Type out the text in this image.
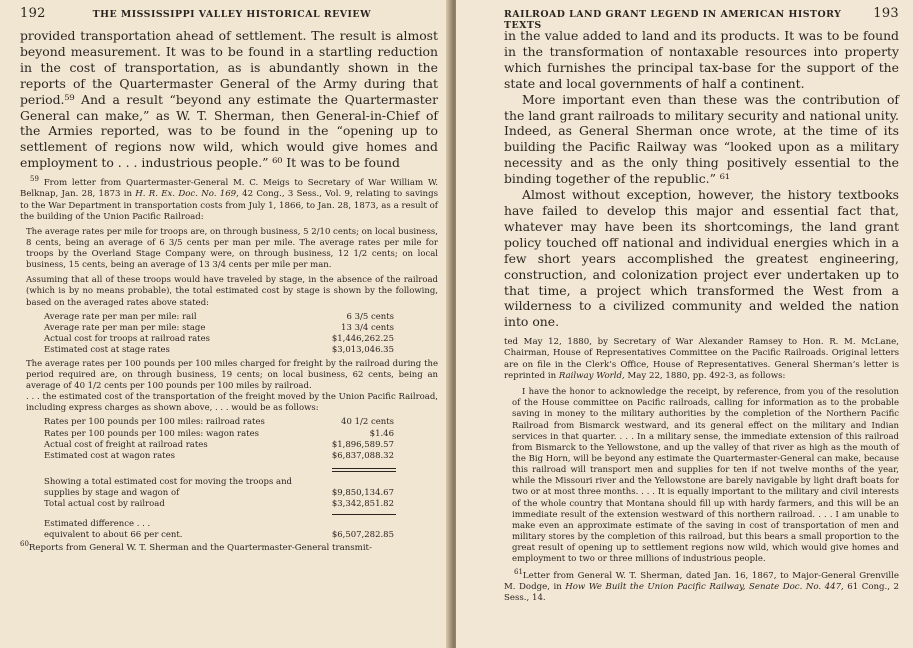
192	THE MISSISSIPPI VALLEY HISTORICAL REVIEW

provided transportation ahead of settlement. The result is almost beyond measurement. It was to be found in a startling reduction in the cost of transportation, as is abundantly shown in the reports of the Quartermaster General of the Army during that period.⁵⁹ And a result “beyond any estimate the Quartermaster General can make,” as W. T. Sherman, then General-in-Chief of the Armies reported, was to be found in the “opening up to settlement of regions now wild, which would give homes and employment to . . . industrious people.” ⁶⁰ It was to be found

$^{59}$ From letter from Quartermaster-General M. C. Meigs to Secretary of War William W. Belknap, Jan. 28, 1873 in H. R. Ex. Doc. No. 169, 42 Cong., 3 Sess., Vol. 9, relating to savings to the War Department in transportation costs from July 1, 1866, to Jan. 28, 1873, as a result of the building of the Union Pacific Railroad:

The average rates per mile for troops are, on through business, 5 2/10 cents; on local business, 8 cents, being an average of 6 3/5 cents per man per mile. The average rates per mile for troops by the Overland Stage Company were, on through business, 12 1/2 cents; on local business, 15 cents, being an average of 13 3/4 cents per mile per man.

Assuming that all of these troops would have traveled by stage, in the absence of the railroad (which is by no means probable), the total estimated cost by stage is shown by the following, based on the averaged rates above stated:

Average rate per man per mile: rail	6 3/5 cents
Average rate per man per mile: stage	13 3/4 cents
Actual cost for troops at railroad rates	$1,446,262.25
Estimated cost at stage rates	$3,013,046.35

The average rates per 100 pounds per 100 miles charged for freight by the railroad during the period required are, on through business, 19 cents; on local business, 62 cents, being an average of 40 1/2 cents per 100 pounds per 100 miles by railroad.

. . . the estimated cost of the transportation of the freight moved by the Union Pacific Railroad, including express charges as shown above, . . . would be as follows:

Rates per 100 pounds per 100 miles: railroad rates	40 1/2 cents
Rates per 100 pounds per 100 miles: wagon rates	$1.46
Actual cost of freight at railroad rates	$1,896,589.57
Estimated cost at wagon rates	$6,837,088.32
Showing a total estimated cost for moving the troops and	
supplies by stage and wagon of	$9,850,134.67
Total actual cost by railroad	$3,342,851.82
Estimated difference . . .	
equivalent to about 66 per cent.	$6,507,282.85

$^{60}$Reports from General W. T. Sherman and the Quartermaster-General transmit-

RAILROAD LAND GRANT LEGEND IN AMERICAN HISTORY TEXTS
193

in the value added to land and its products. It was to be found in the transformation of nontaxable resources into property which furnishes the principal tax-base for the support of the state and local governments of half a continent.

More important even than these was the contribution of the land grant railroads to military security and national unity. Indeed, as General Sherman once wrote, at the time of its building the Pacific Railway was “looked upon as a military necessity and as the only thing positively essential to the binding together of the republic.” ⁶¹

Almost without exception, however, the history textbooks have failed to develop this major and essential fact that, whatever may have been its shortcomings, the land grant policy touched off national and individual energies which in a few short years accomplished the greatest engineering, construction, and colonization project ever undertaken up to that time, a project which transformed the West from a wilderness to a civilized community and welded the nation into one.

ted May 12, 1880, by Secretary of War Alexander Ramsey to Hon. R. M. McLane, Chairman, House of Representatives Committee on the Pacific Railroads. Original letters are on file in the Clerk’s Office, House of Representatives. General Sherman’s letter is reprinted in Railway World, May 22, 1880, pp. 492-3, as follows:

I have the honor to acknowledge the receipt, by reference, from you of the resolution of the House committee on Pacific railroads, calling for information as to the probable saving in money to the military authorities by the completion of the Northern Pacific Railroad from Bismarck westward, and its general effect on the military and Indian services in that quarter. . . . In a military sense, the immediate extension of this railroad from Bismarck to the Yellowstone, and up the valley of that river as high as the mouth of the Big Horn, will be beyond any estimate the Quartermaster-General can make, because this railroad will transport men and supplies for ten if not twelve months of the year, while the Missouri river and the Yellowstone are barely navigable by light draft boats for two or at most three months. . . . It is equally important to the military and civil interests of the whole country that Montana should fill up with hardy farmers, and this will be an immediate result of the extension westward of this northern railroad. . . . I am unable to make even an approximate estimate of the saving in cost of transportation of men and military stores by the completion of this railroad, but this bears a small proportion to the great result of opening up to settlement regions now wild, which would give homes and employment to two or three millions of industrious people.

$^{61}$Letter from General W. T. Sherman, dated Jan. 16, 1867, to Major-General Grenville M. Dodge, in How We Built the Union Pacific Railway, Senate Doc. No. 447, 61 Cong., 2 Sess., 14.
